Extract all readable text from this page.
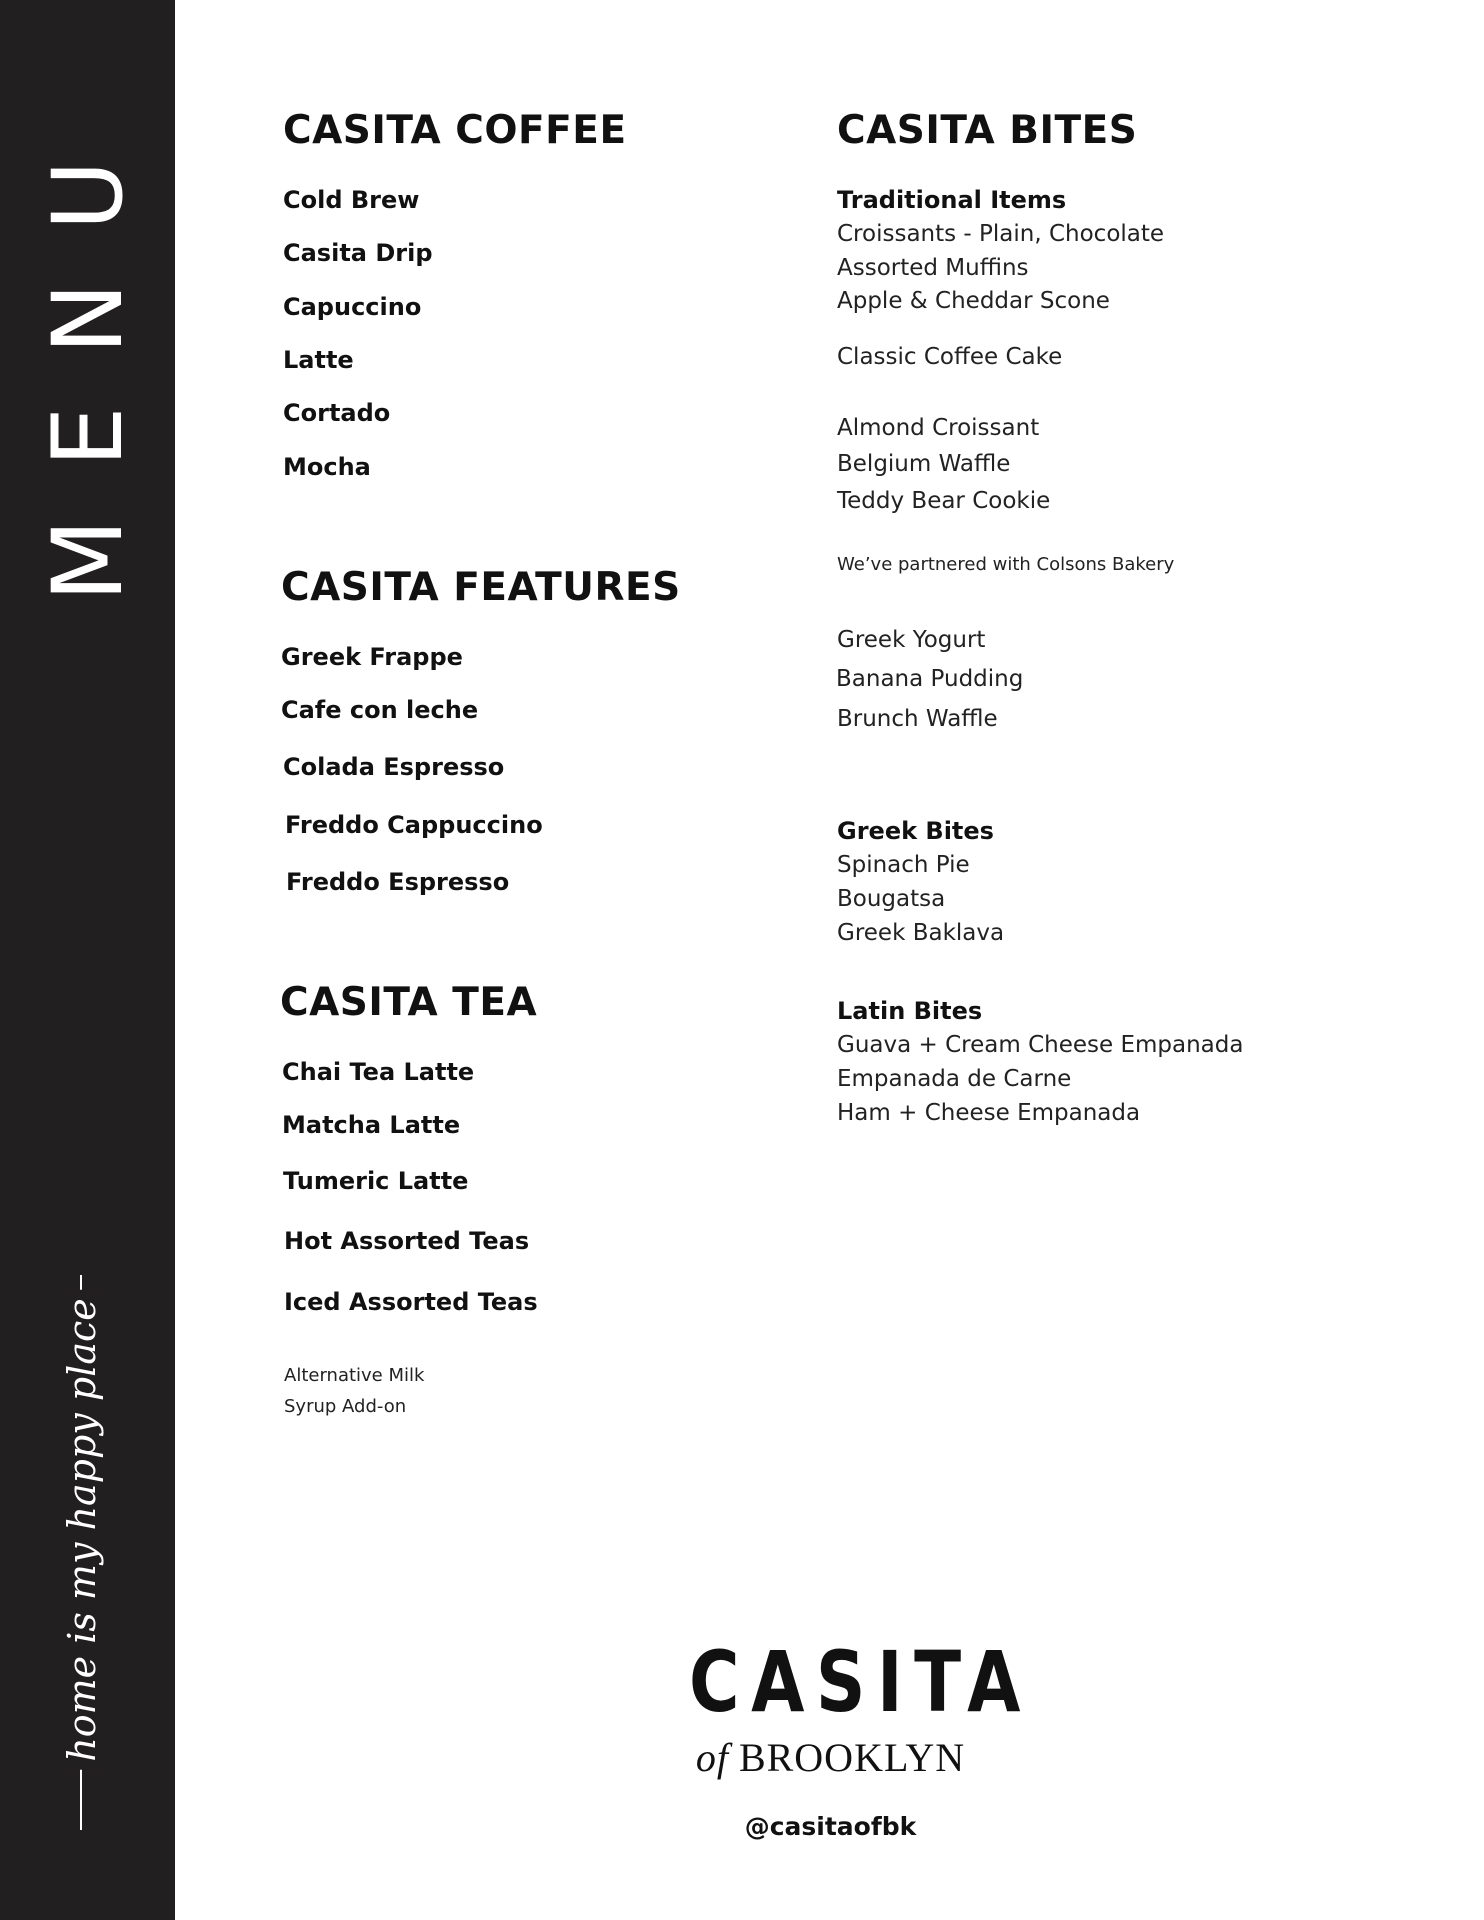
MENU
home is my happy place
CASITA COFFEE
Cold Brew
Casita Drip
Capuccino
Latte
Cortado
Mocha
CASITA FEATURES
Greek Frappe
Cafe con leche
Colada Espresso
Freddo Cappuccino
Freddo Espresso
CASITA TEA
Chai Tea Latte
Matcha Latte
Tumeric Latte
Hot Assorted Teas
Iced Assorted Teas
Alternative Milk
Syrup Add-on
CASITA BITES
Traditional Items
Croissants - Plain, Chocolate
Assorted Muffins
Apple & Cheddar Scone
Classic Coffee Cake
Almond Croissant
Belgium Waffle
Teddy Bear Cookie
We’ve partnered with Colsons Bakery
Greek Yogurt
Banana Pudding
Brunch Waffle
Greek Bites
Spinach Pie
Bougatsa
Greek Baklava
Latin Bites
Guava + Cream Cheese Empanada
Empanada de Carne
Ham + Cheese Empanada
CASITA
of BROOKLYN
@casitaofbk
